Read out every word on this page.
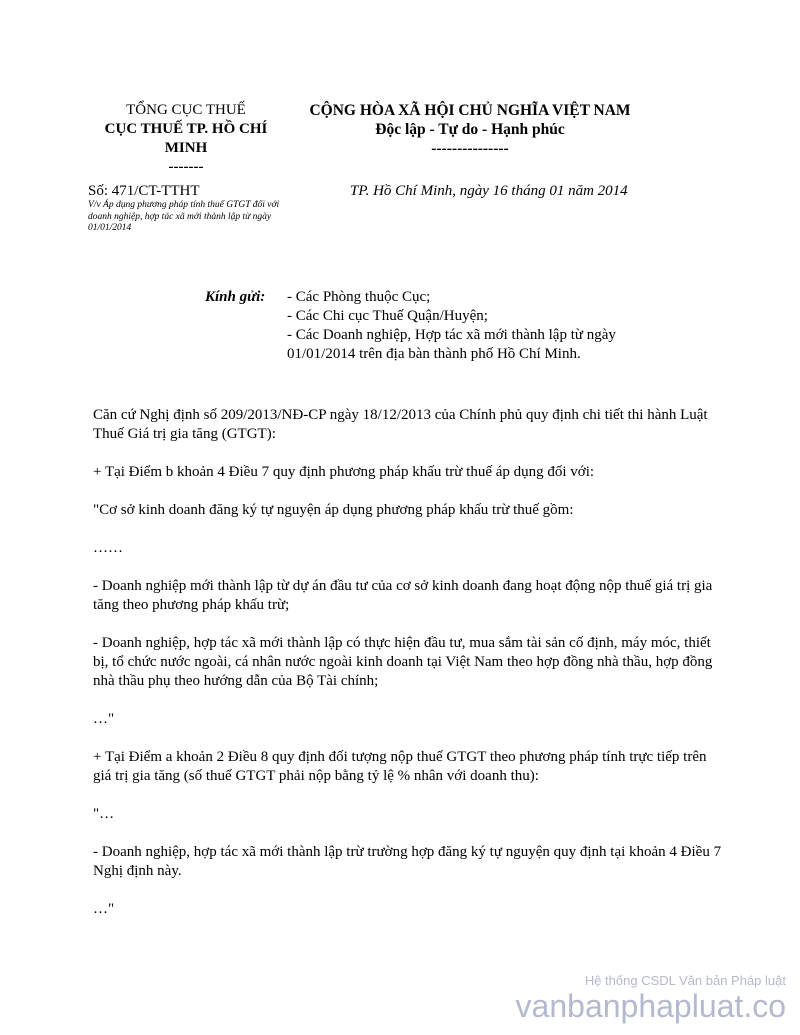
TỔNG CỤC THUẾ
CỤC THUẾ TP. HỒ CHÍ MINH
-------
CỘNG HÒA XÃ HỘI CHỦ NGHĨA VIỆT NAM
Độc lập - Tự do - Hạnh phúc
---------------
Số: 471/CT-TTHT
V/v Áp dụng phương pháp tính thuế GTGT đối với doanh nghiệp, hợp tác xã mới thành lập từ ngày 01/01/2014
TP. Hồ Chí Minh, ngày 16 tháng 01 năm 2014
Kính gửi: - Các Phòng thuộc Cục;
- Các Chi cục Thuế Quận/Huyện;
- Các Doanh nghiệp, Hợp tác xã mới thành lập từ ngày 01/01/2014 trên địa bàn thành phố Hồ Chí Minh.

Căn cứ Nghị định số 209/2013/NĐ-CP ngày 18/12/2013 của Chính phủ quy định chi tiết thi hành Luật Thuế Giá trị gia tăng (GTGT):

+ Tại Điểm b khoản 4 Điều 7 quy định phương pháp khấu trừ thuế áp dụng đối với:

"Cơ sở kinh doanh đăng ký tự nguyện áp dụng phương pháp khấu trừ thuế gồm:

……

- Doanh nghiệp mới thành lập từ dự án đầu tư của cơ sở kinh doanh đang hoạt động nộp thuế giá trị gia tăng theo phương pháp khấu trừ;

- Doanh nghiệp, hợp tác xã mới thành lập có thực hiện đầu tư, mua sắm tài sản cố định, máy móc, thiết bị, tổ chức nước ngoài, cá nhân nước ngoài kinh doanh tại Việt Nam theo hợp đồng nhà thầu, hợp đồng nhà thầu phụ theo hướng dẫn của Bộ Tài chính;

…"

+ Tại Điểm a khoản 2 Điều 8 quy định đối tượng nộp thuế GTGT theo phương pháp tính trực tiếp trên giá trị gia tăng (số thuế GTGT phải nộp bằng tỷ lệ % nhân với doanh thu):

"…

- Doanh nghiệp, hợp tác xã mới thành lập trừ trường hợp đăng ký tự nguyện quy định tại khoản 4 Điều 7 Nghị định này.

…"

Hệ thống CSDL Văn bản Pháp luật
vanbanphapluat.co
